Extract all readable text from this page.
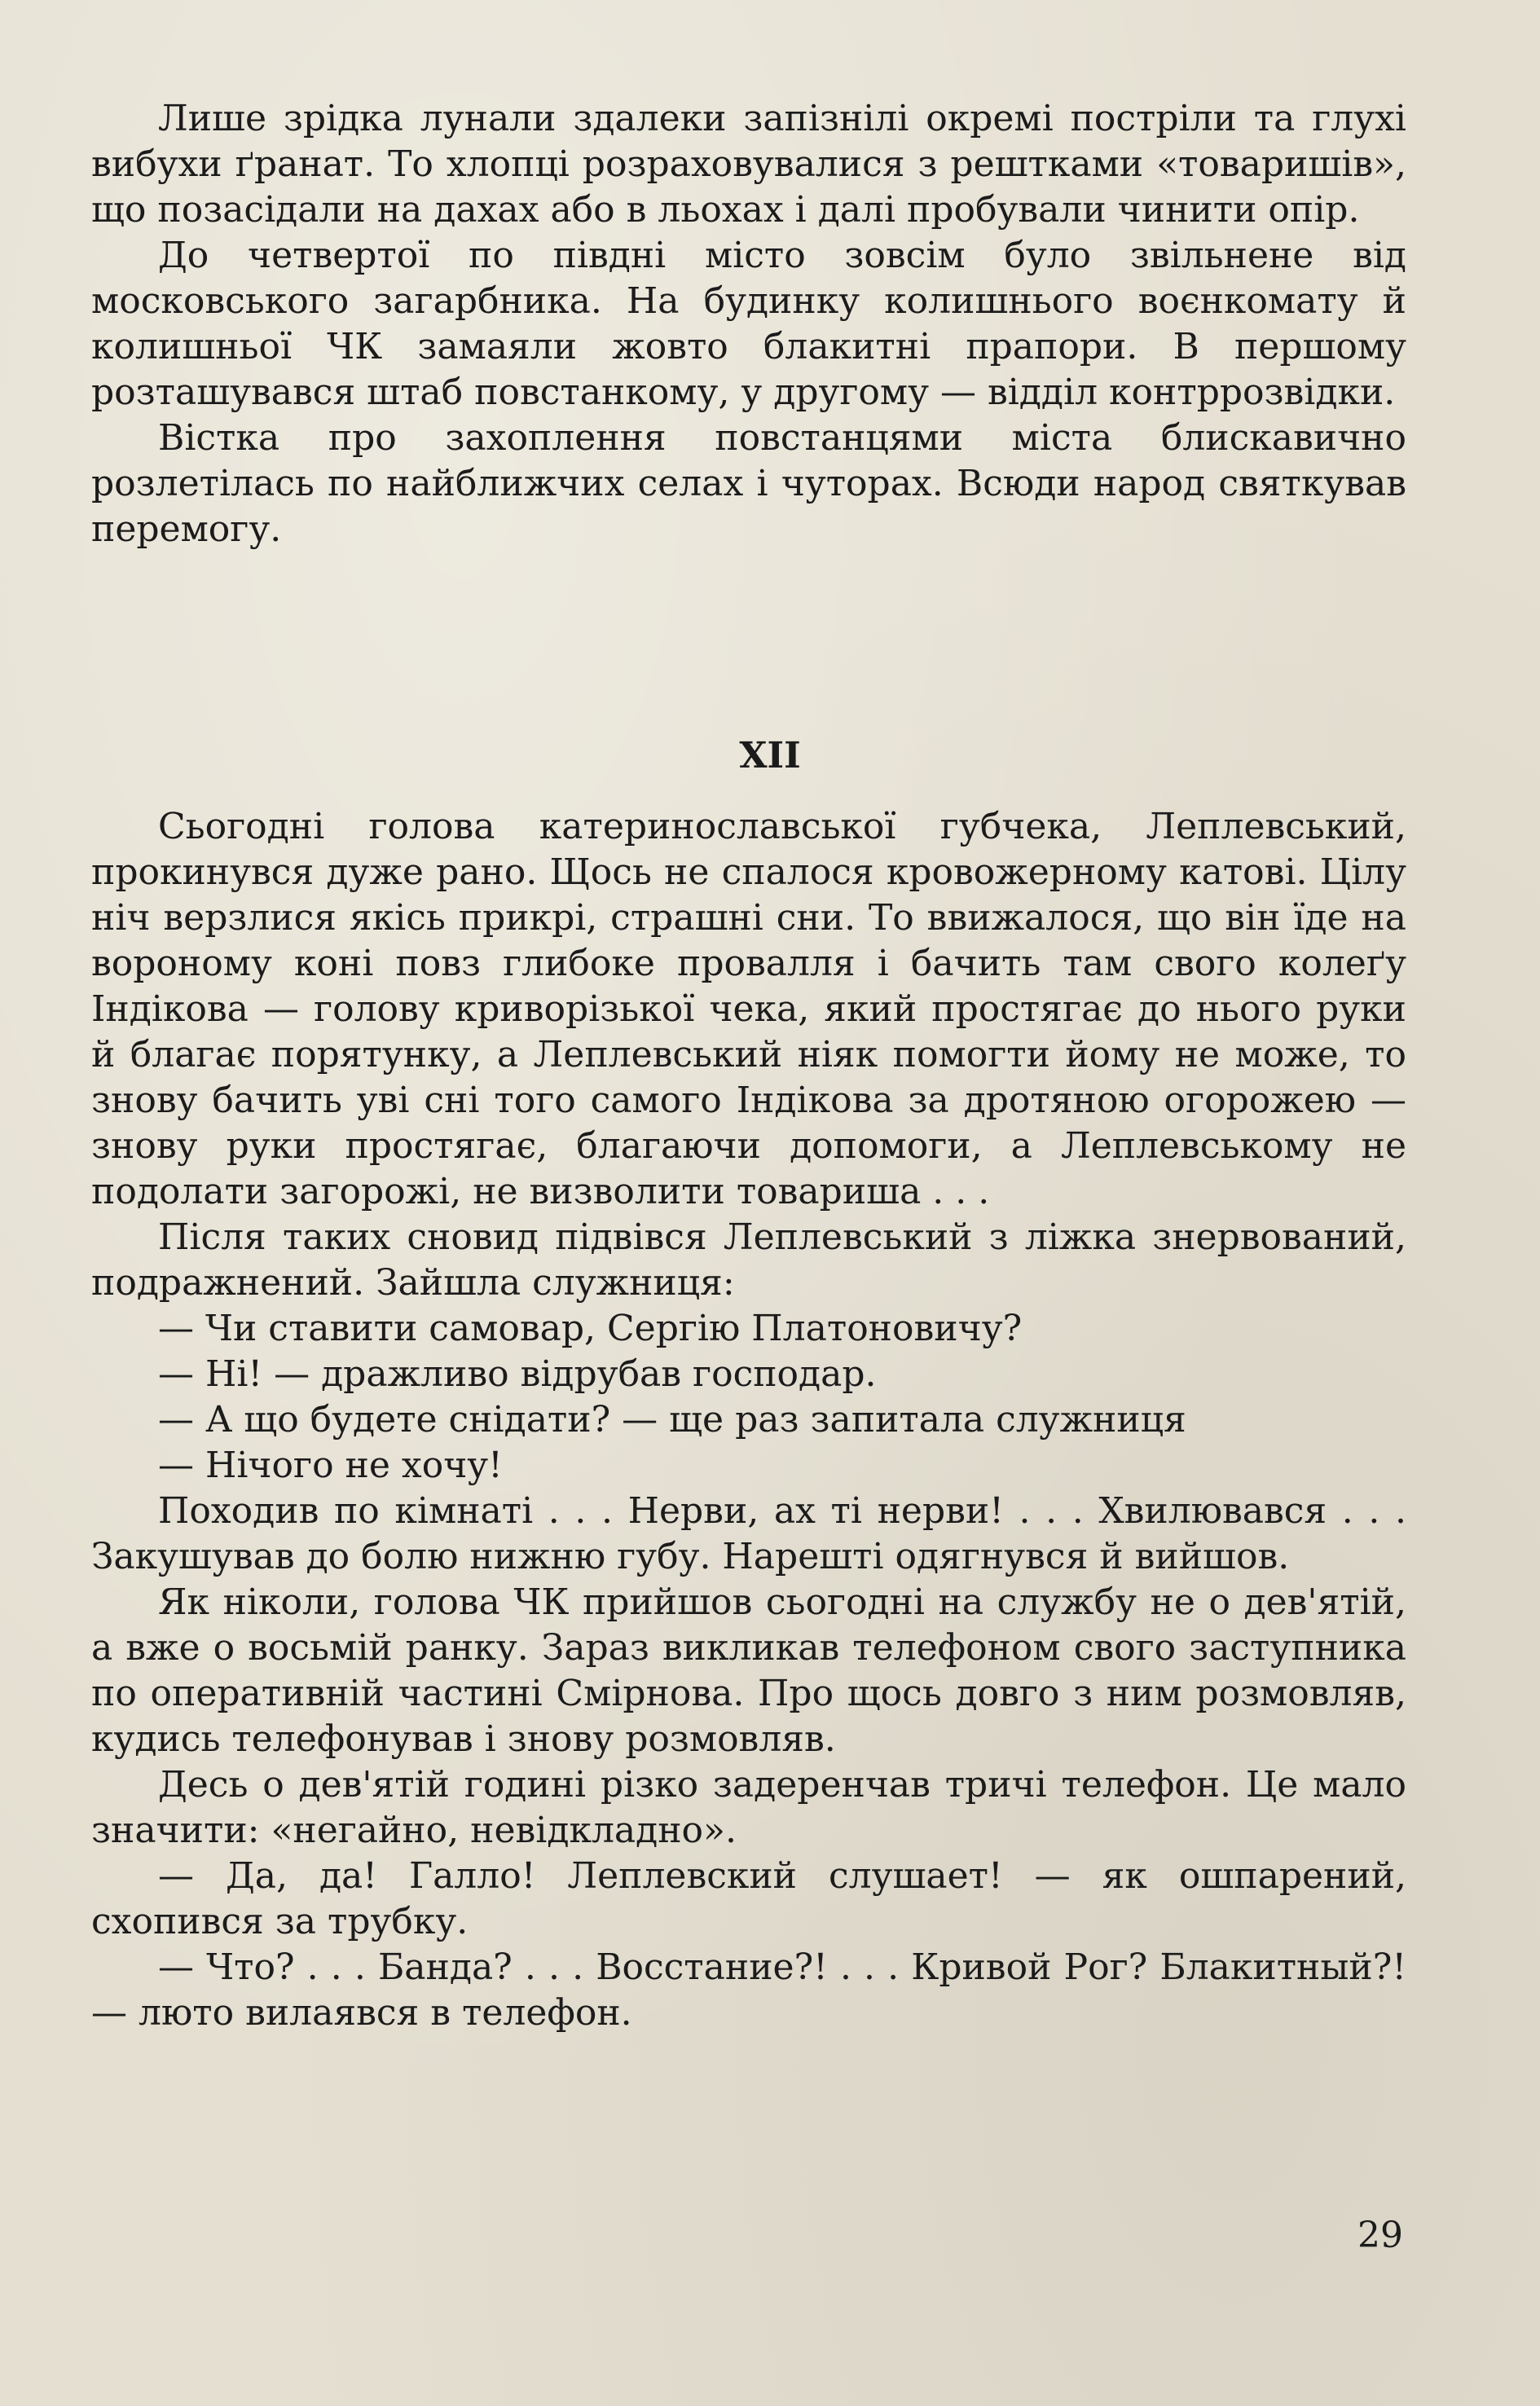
Лише зрідка лунали здалеки запізнілі окремі постріли та глухі вибухи ґранат. То хлопці розраховувалися з рештками «товаришів», що позасідали на дахах або в льохах і далі пробували чинити опір.

До четвертої по півдні місто зовсім було звільнене від московського загарбника. На будинку колишнього воєнкомату й колишньої ЧК замаяли жовто блакитні прапори. В першому розташувався штаб повстанкому, у другому — відділ контррозвідки.

Вістка про захоплення повстанцями міста блискавично розлетілась по найближчих селах і чуторах. Всюди народ святкував перемогу.

XII

Сьогодні голова катеринославської губчека, Леплевський, прокинувся дуже рано. Щось не спалося кровожерному катові. Цілу ніч верзлися якісь прикрі, страшні сни. То ввижалося, що він їде на вороному коні повз глибоке провалля і бачить там свого колеґу Індікова — голову криворізької чека, який простягає до нього руки й благає порятунку, а Леплевський ніяк помогти йому не може, то знову бачить уві сні того самого Індікова за дротяною огорожею — знову руки простягає, благаючи допомоги, а Леплевському не подолати загорожі, не визволити товариша . . .

Після таких сновид підвівся Леплевський з ліжка знервований, подражнений. Зайшла служниця:

— Чи ставити самовар, Сергію Платоновичу?

— Ні! — дражливо відрубав господар.

— А що будете снідати? — ще раз запитала служниця

— Нічого не хочу!

Походив по кімнаті . . . Нерви, ах ті нерви! . . . Хвилювався . . . Закушував до болю нижню губу. Нарешті одягнувся й вийшов.

Як ніколи, голова ЧК прийшов сьогодні на службу не о дев'ятій, а вже о восьмій ранку. Зараз викликав телефоном свого заступника по оперативній частині Смірнова. Про щось довго з ним розмовляв, кудись телефонував і знову розмовляв.

Десь о дев'ятій годині різко задеренчав тричі телефон. Це мало значити: «негайно, невідкладно».

— Да, да! Галло! Леплевский слушает! — як ошпарений, схопився за трубку.

— Что? . . . Банда? . . . Восстание?! . . . Кривой Рог? Блакитный?! — люто вилаявся в телефон.

29
